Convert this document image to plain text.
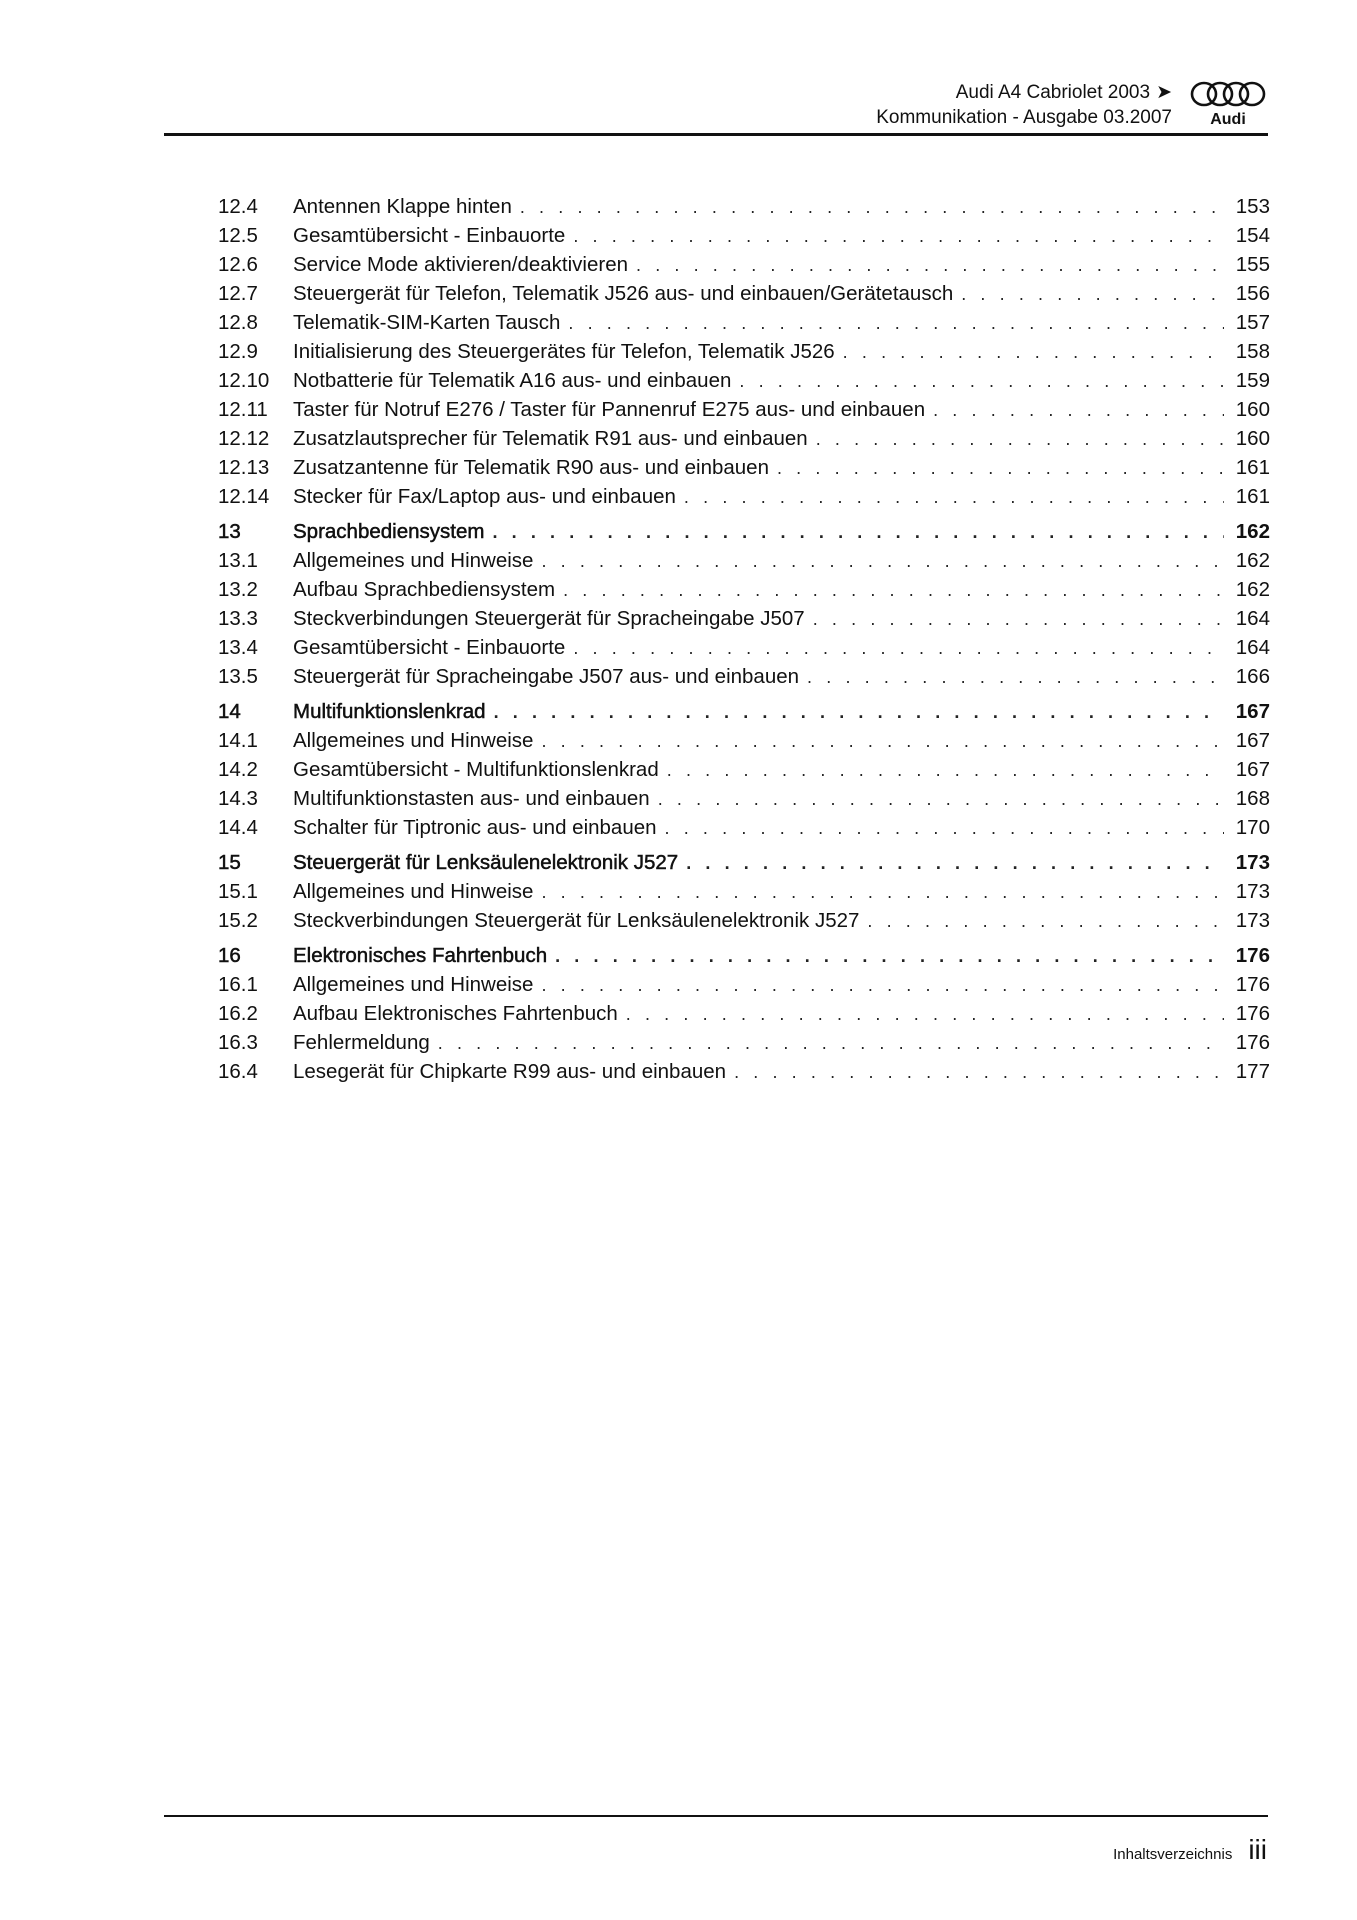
Audi A4 Cabriolet 2003 ➤
Kommunikation - Ausgabe 03.2007 Audi
12.4	Antennen Klappe hinten . . .	153
12.5	Gesamtübersicht - Einbauorte . . .	154
12.6	Service Mode aktivieren/deaktivieren . . .	155
12.7	Steuergerät für Telefon, Telematik J526 aus- und einbauen/Gerätetausch . . .	156
12.8	Telematik-SIM-Karten Tausch . . .	157
12.9	Initialisierung des Steuergerätes für Telefon, Telematik J526 . . .	158
12.10	Notbatterie für Telematik A16 aus- und einbauen . . .	159
12.11	Taster für Notruf E276 / Taster für Pannenruf E275 aus- und einbauen . . .	160
12.12	Zusatzlautsprecher für Telematik R91 aus- und einbauen . . .	160
12.13	Zusatzantenne für Telematik R90 aus- und einbauen . . .	161
12.14	Stecker für Fax/Laptop aus- und einbauen . . .	161
13	Sprachbediensystem . . .	162
13.1	Allgemeines und Hinweise . . .	162
13.2	Aufbau Sprachbediensystem . . .	162
13.3	Steckverbindungen Steuergerät für Spracheingabe J507 . . .	164
13.4	Gesamtübersicht - Einbauorte . . .	164
13.5	Steuergerät für Spracheingabe J507 aus- und einbauen . . .	166
14	Multifunktionslenkrad . . .	167
14.1	Allgemeines und Hinweise . . .	167
14.2	Gesamtübersicht - Multifunktionslenkrad . . .	167
14.3	Multifunktionstasten aus- und einbauen . . .	168
14.4	Schalter für Tiptronic aus- und einbauen . . .	170
15	Steuergerät für Lenksäulenelektronik J527 . . .	173
15.1	Allgemeines und Hinweise . . .	173
15.2	Steckverbindungen Steuergerät für Lenksäulenelektronik J527 . . .	173
16	Elektronisches Fahrtenbuch . . .	176
16.1	Allgemeines und Hinweise . . .	176
16.2	Aufbau Elektronisches Fahrtenbuch . . .	176
16.3	Fehlermeldung . . .	176
16.4	Lesegerät für Chipkarte R99 aus- und einbauen . . .	177
Inhaltsverzeichnis iii
